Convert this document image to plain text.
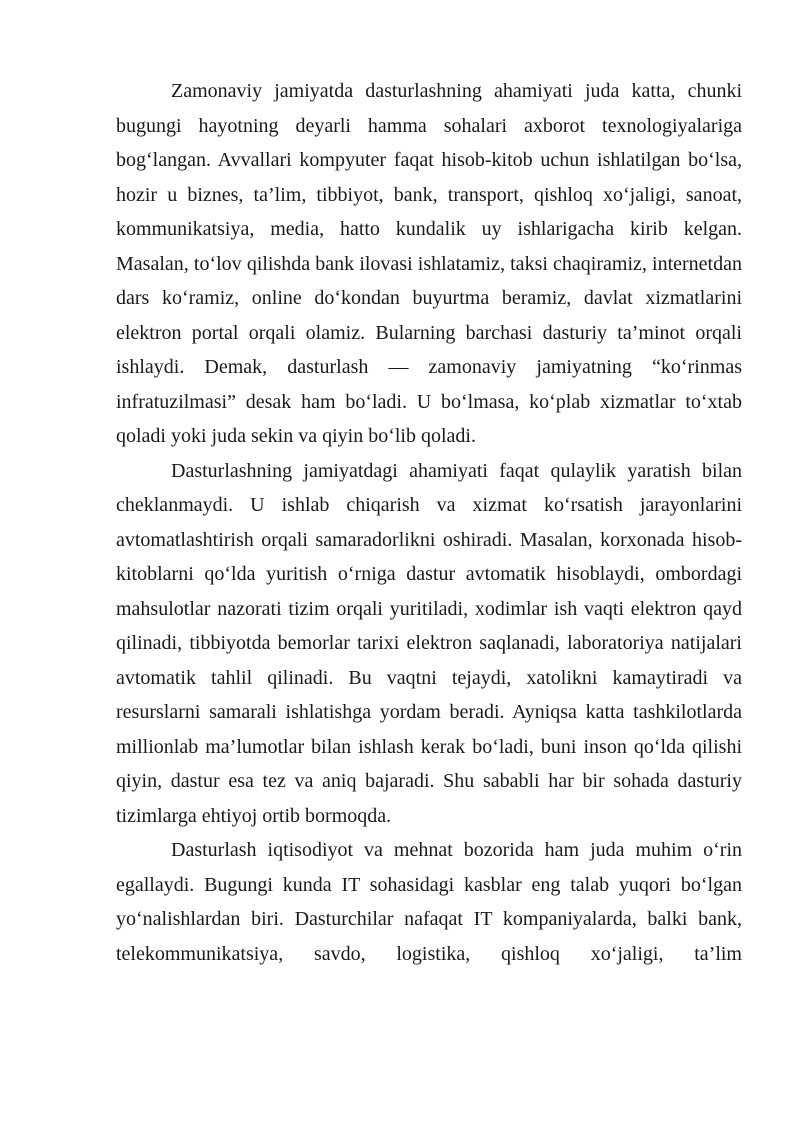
Zamonaviy jamiyatda dasturlashning ahamiyati juda katta, chunki bugungi hayotning deyarli hamma sohalari axborot texnologiyalariga bog‘langan. Avvallari kompyuter faqat hisob-kitob uchun ishlatilgan bo‘lsa, hozir u biznes, ta’lim, tibbiyot, bank, transport, qishloq xo‘jaligi, sanoat, kommunikatsiya, media, hatto kundalik uy ishlarigacha kirib kelgan. Masalan, to‘lov qilishda bank ilovasi ishlatamiz, taksi chaqiramiz, internetdan dars ko‘ramiz, online do‘kondan buyurtma beramiz, davlat xizmatlarini elektron portal orqali olamiz. Bularning barchasi dasturiy ta’minot orqali ishlaydi. Demak, dasturlash — zamonaviy jamiyatning “ko‘rinmas infratuzilmasi” desak ham bo‘ladi. U bo‘lmasa, ko‘plab xizmatlar to‘xtab qoladi yoki juda sekin va qiyin bo‘lib qoladi.

Dasturlashning jamiyatdagi ahamiyati faqat qulaylik yaratish bilan cheklanmaydi. U ishlab chiqarish va xizmat ko‘rsatish jarayonlarini avtomatlashtirish orqali samaradorlikni oshiradi. Masalan, korxonada hisob-kitoblarni qo‘lda yuritish o‘rniga dastur avtomatik hisoblaydi, ombordagi mahsulotlar nazorati tizim orqali yuritiladi, xodimlar ish vaqti elektron qayd qilinadi, tibbiyotda bemorlar tarixi elektron saqlanadi, laboratoriya natijalari avtomatik tahlil qilinadi. Bu vaqtni tejaydi, xatolikni kamaytiradi va resurslarni samarali ishlatishga yordam beradi. Ayniqsa katta tashkilotlarda millionlab ma’lumotlar bilan ishlash kerak bo‘ladi, buni inson qo‘lda qilishi qiyin, dastur esa tez va aniq bajaradi. Shu sababli har bir sohada dasturiy tizimlarga ehtiyoj ortib bormoqda.

Dasturlash iqtisodiyot va mehnat bozorida ham juda muhim o‘rin egallaydi. Bugungi kunda IT sohasidagi kasblar eng talab yuqori bo‘lgan yo‘nalishlardan biri. Dasturchilar nafaqat IT kompaniyalarda, balki bank, telekommunikatsiya, savdo, logistika, qishloq xo‘jaligi, ta’lim
